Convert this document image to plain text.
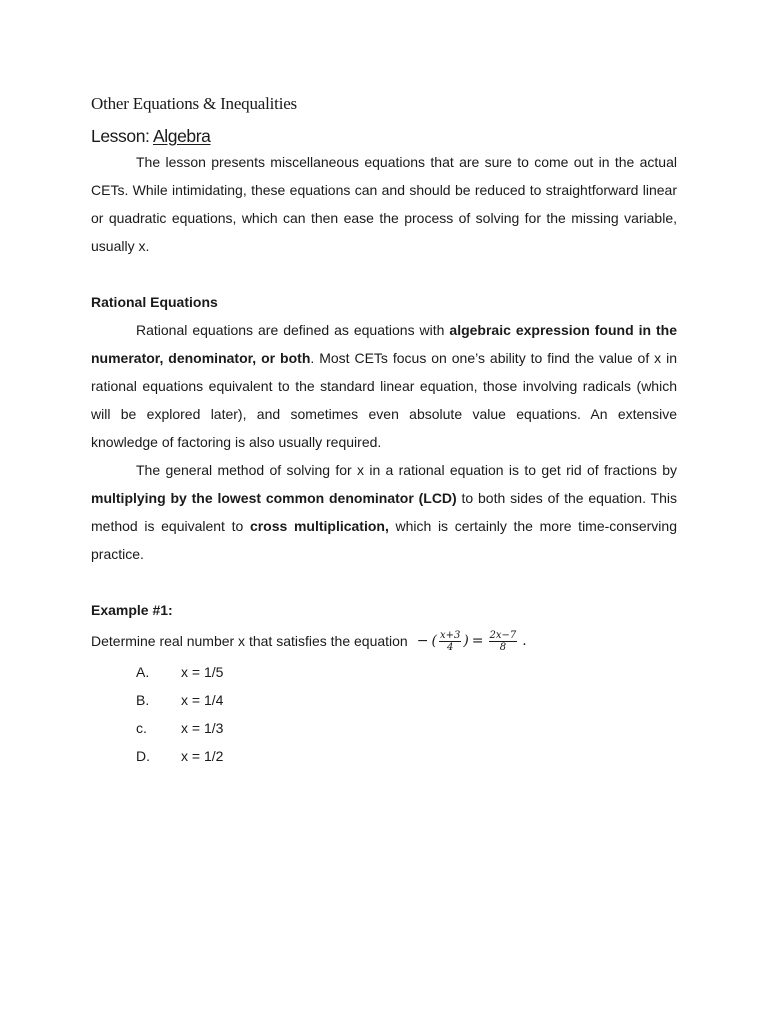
Other Equations & Inequalities
Lesson: Algebra

The lesson presents miscellaneous equations that are sure to come out in the actual CETs. While intimidating, these equations can and should be reduced to straightforward linear or quadratic equations, which can then ease the process of solving for the missing variable, usually x.

Rational Equations

Rational equations are defined as equations with algebraic expression found in the numerator, denominator, or both. Most CETs focus on one’s ability to find the value of x in rational equations equivalent to the standard linear equation, those involving radicals (which will be explored later), and sometimes even absolute value equations. An extensive knowledge of factoring is also usually required.

The general method of solving for x in a rational equation is to get rid of fractions by multiplying by the lowest common denominator (LCD) to both sides of the equation. This method is equivalent to cross multiplication, which is certainly the more time-conserving practice.

Example #1:
Determine real number x that satisfies the equation − ( $\frac{x+3}{4}$ ) = $\frac{2x-7}{8}$ .
A.	x = 1/5
B.	x = 1/4
c.	x = 1/3
D.	x = 1/2
